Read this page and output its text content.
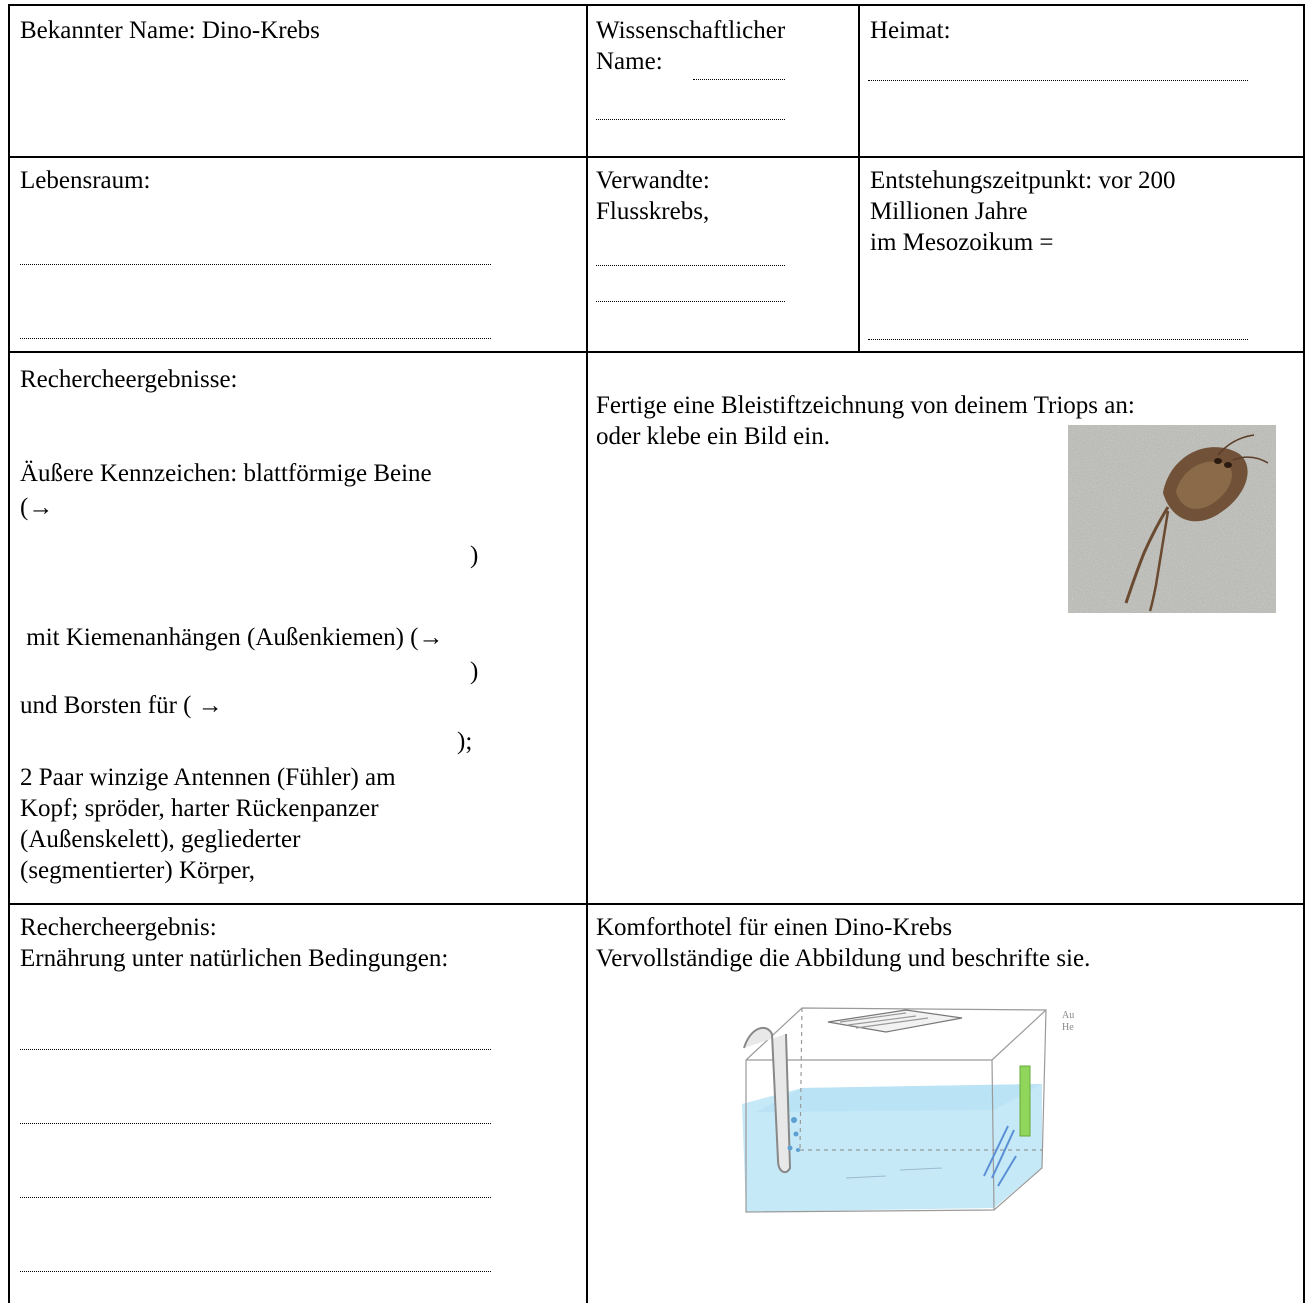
Bekannter Name: Dino-Krebs	Wissenschaftlicher
Name:
Heimat:
Lebensraum:	Verwandte:
Flusskrebs,
Entstehungszeitpunkt: vor 200
Millionen Jahre
im Mesozoikum =
Rechercheergebnisse:
Äußere Kennzeichen: blattförmige Beine
(→
)
mit Kiemenanhängen (Außenkiemen) (→
)
und Borsten für ( →
);
2 Paar winzige Antennen (Fühler) am
Kopf; spröder, harter Rückenpanzer
(Außenskelett), gegliederter
(segmentierter) Körper,
Fertige eine Bleistiftzeichnung von deinem Triops an:
oder klebe ein Bild ein.
Rechercheergebnis:
Ernährung unter natürlichen Bedingungen:
Komforthotel für einen Dino-Krebs
Vervollständige die Abbildung und beschrifte sie.
Au
He
